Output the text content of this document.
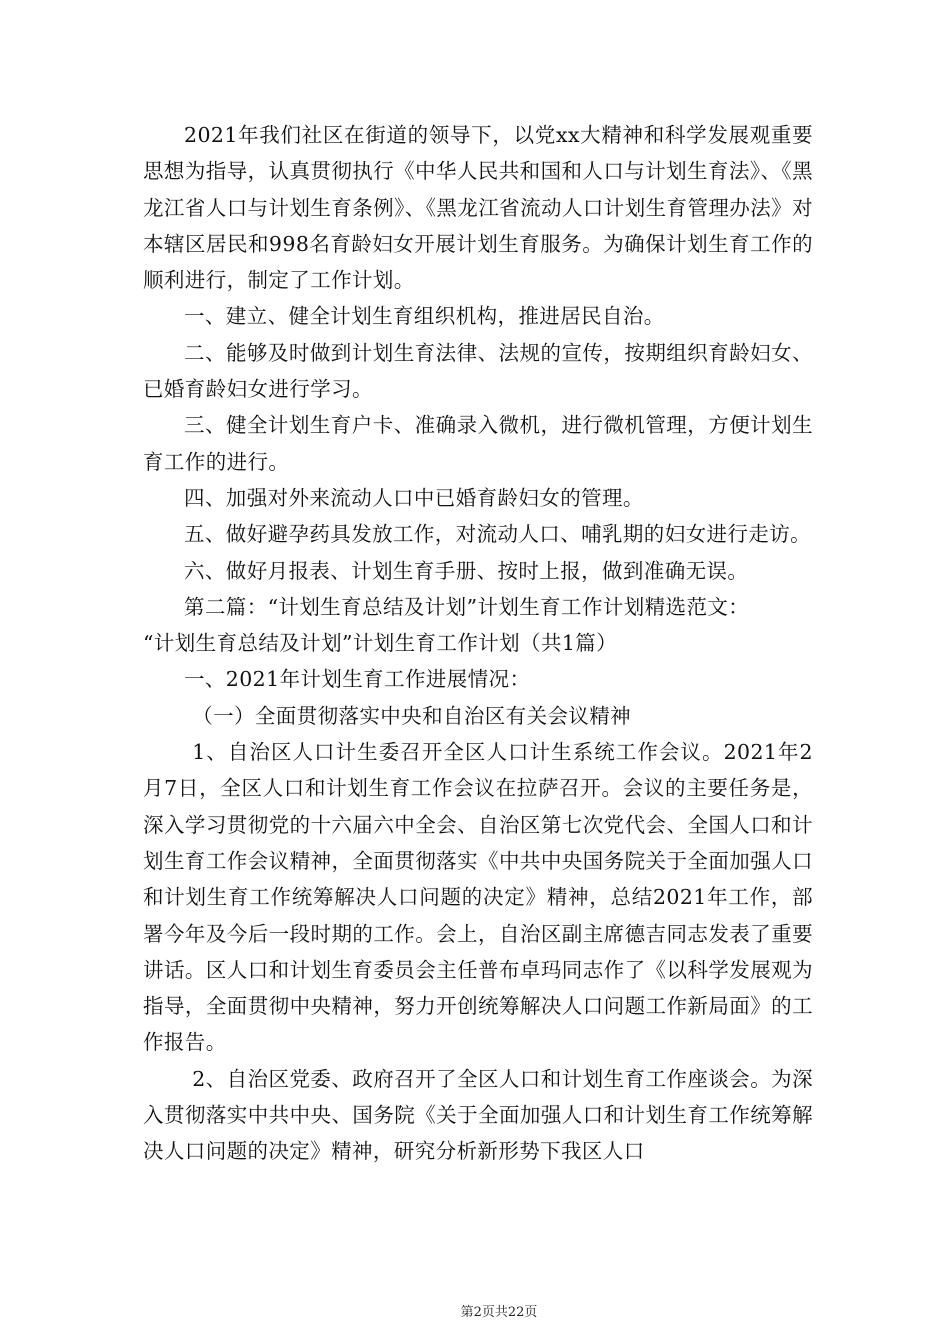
2021年我们社区在街道的领导下，以党xx大精神和科学发展观重要思想为指导，认真贯彻执行《中华人民共和国和人口与计划生育法》、《黑龙江省人口与计划生育条例》、《黑龙江省流动人口计划生育管理办法》对本辖区居民和998名育龄妇女开展计划生育服务。为确保计划生育工作的顺利进行，制定了工作计划。

一、建立、健全计划生育组织机构，推进居民自治。

二、能够及时做到计划生育法律、法规的宣传，按期组织育龄妇女、已婚育龄妇女进行学习。

三、健全计划生育户卡、准确录入微机，进行微机管理，方便计划生育工作的进行。

四、加强对外来流动人口中已婚育龄妇女的管理。

五、做好避孕药具发放工作，对流动人口、哺乳期的妇女进行走访。

六、做好月报表、计划生育手册、按时上报，做到准确无误。

第二篇：“计划生育总结及计划”计划生育工作计划精选范文：

“计划生育总结及计划”计划生育工作计划（共1篇）

一、2021年计划生育工作进展情况：

（一）全面贯彻落实中央和自治区有关会议精神

1、自治区人口计生委召开全区人口计生系统工作会议。2021年2月7日，全区人口和计划生育工作会议在拉萨召开。会议的主要任务是，深入学习贯彻党的十六届六中全会、自治区第七次党代会、全国人口和计划生育工作会议精神，全面贯彻落实《中共中央国务院关于全面加强人口和计划生育工作统筹解决人口问题的决定》精神，总结2021年工作，部署今年及今后一段时期的工作。会上，自治区副主席德吉同志发表了重要讲话。区人口和计划生育委员会主任普布卓玛同志作了《以科学发展观为指导，全面贯彻中央精神，努力开创统筹解决人口问题工作新局面》的工作报告。

2、自治区党委、政府召开了全区人口和计划生育工作座谈会。为深入贯彻落实中共中央、国务院《关于全面加强人口和计划生育工作统筹解决人口问题的决定》精神，研究分析新形势下我区人口

第2页共22页
